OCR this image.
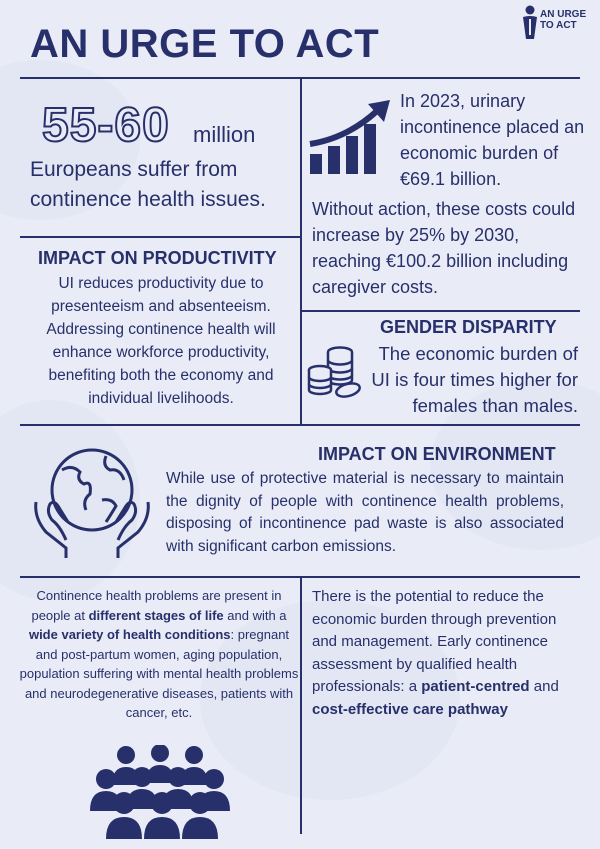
AN URGE TO ACT
AN URGE
TO ACT
55-60 million
Europeans suffer from continence health issues.
In 2023, urinary incontinence placed an economic burden of €69.1 billion.
Without action, these costs could increase by 25% by 2030, reaching €100.2 billion including caregiver costs.
IMPACT ON PRODUCTIVITY
UI reduces productivity due to presenteeism and absenteeism. Addressing continence health will enhance workforce productivity, benefiting both the economy and individual livelihoods.
GENDER DISPARITY
The economic burden of UI is four times higher for females than males.
IMPACT ON ENVIRONMENT
While use of protective material is necessary to maintain the dignity of people with continence health problems, disposing of incontinence pad waste is also associated with significant carbon emissions.
Continence health problems are present in people at different stages of life and with a wide variety of health conditions: pregnant and post-partum women, aging population, population suffering with mental health problems and neurodegenerative diseases, patients with cancer, etc.
There is the potential to reduce the economic burden through prevention and management. Early continence assessment by qualified health professionals: a patient-centred and cost-effective care pathway
